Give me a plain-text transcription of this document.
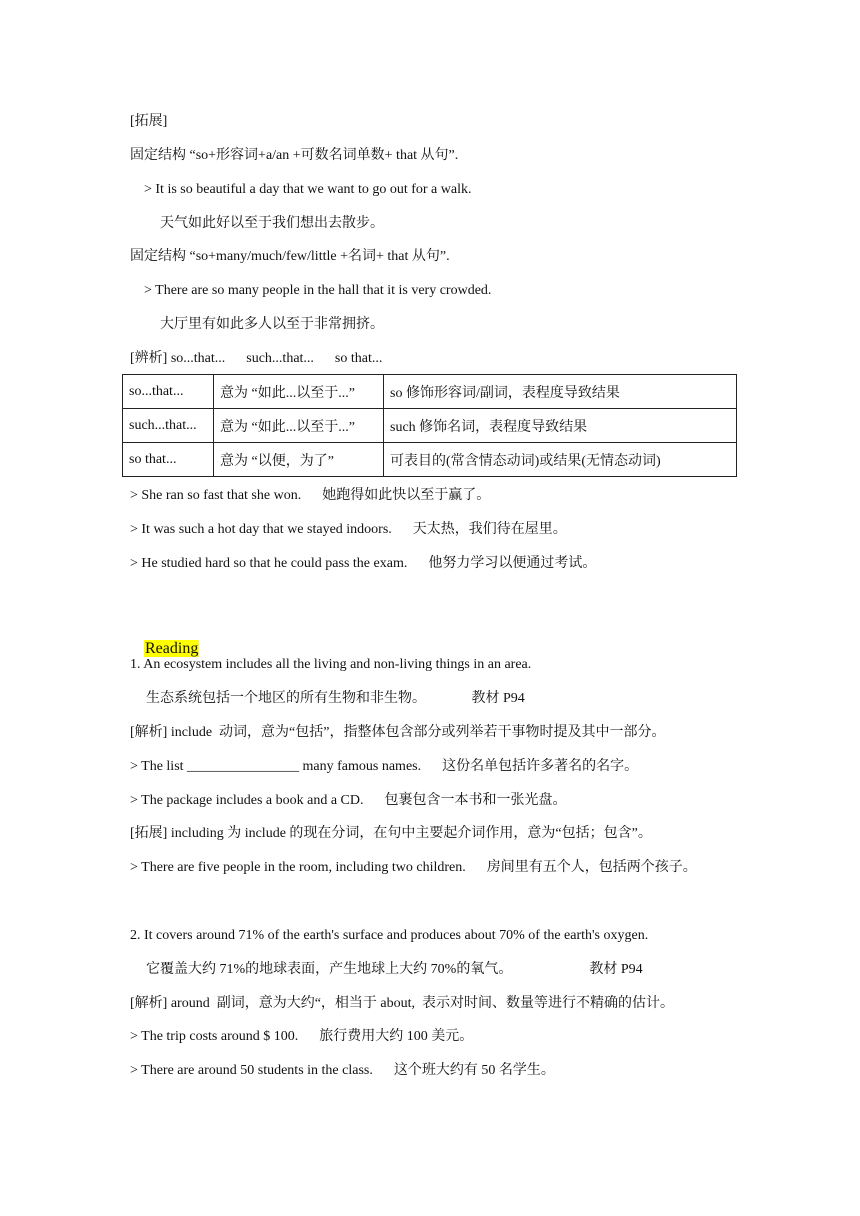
[拓展]
固定结构 “so+形容词+a/an +可数名词单数+ that 从句”.
> It is so beautiful a day that we want to go out for a walk.
天气如此好以至于我们想出去散步。
固定结构 “so+many/much/few/little +名词+ that 从句”.
> There are so many people in the hall that it is very crowded.
大厅里有如此多人以至于非常拥挤。
[辨析] so...that...      such...that...      so that...
so...that...	意为 “如此...以至于...”	so 修饰形容词/副词，表程度导致结果
such...that...	意为 “如此...以至于...”	such 修饰名词，表程度导致结果
so that...	意为 “以便，为了”	可表目的(常含情态动词)或结果(无情态动词)
> She ran so fast that she won.      她跑得如此快以至于赢了。
> It was such a hot day that we stayed indoors.      天太热，我们待在屋里。
> He studied hard so that he could pass the exam.      他努力学习以便通过考试。

Reading

1. An ecosystem includes all the living and non-living things in an area.
生态系统包括一个地区的所有生物和非生物。             教材 P94
[解析] include  动词，意为“包括”，指整体包含部分或列举若干事物时提及其中一部分。
> The list ________________ many famous names.      这份名单包括许多著名的名字。
> The package includes a book and a CD.      包裹包含一本书和一张光盘。
[拓展] including 为 include 的现在分词，在句中主要起介词作用，意为“包括；包含”。
> There are five people in the room, including two children.      房间里有五个人，包括两个孩子。
2. It covers around 71% of the earth's surface and produces about 70% of the earth's oxygen.
它覆盖大约 71%的地球表面，产生地球上大约 70%的氧气。                      教材 P94
[解析] around  副词，意为大约“，相当于 about,  表示对时间、数量等进行不精确的估计。
> The trip costs around $ 100.      旅行费用大约 100 美元。
> There are around 50 students in the class.      这个班大约有 50 名学生。
